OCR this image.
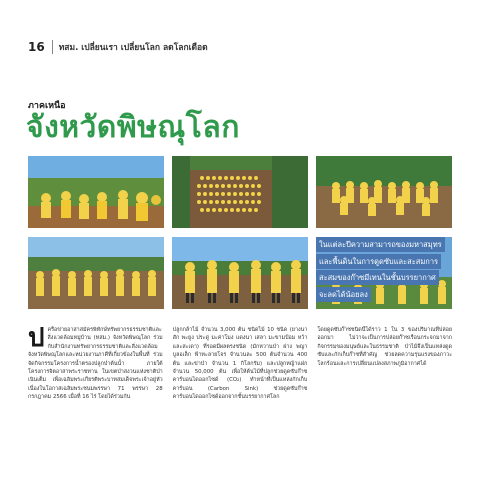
16 ทสม. เปลี่ยนเรา เปลี่ยนโลก ลดโลกเดือด
ภาคเหนือ
จังหวัดพิษณุโลก
ในแต่ละปีความสามารถของมหาสมุทร
และพื้นดินในการดูดซับและสะสมการ
สะสมของก๊าซมีเทนในชั้นบรรยากาศ
จะลดได้น้อยลง
ป ครือข่ายอาสาสมัครพิทักษ์ทรัพยากรธรรมชาติและสิ่งแวดล้อมหมู่บ้าน (ทสม.) จังหวัดพิษณุโลก ร่วมกับสำนักงานทรัพยากรธรรมชาติและสิ่งแวดล้อมจังหวัดพิษณุโลกและหน่วยงานภาคีที่เกี่ยวข้องในพื้นที่ ร่วมจัดกิจกรรมโครงการน้ำตรองปลูกป่าต้นน้ำ ภายใต้โครงการจิตอาสาพระราชทาน ในเขตป่าสงวนแห่งชาติป่าเนินเต็ม เพื่อเฉลิมพระเกียรติพระบาทสมเด็จพระเจ้าอยู่หัว เนื่องในโอกาสเฉลิมพระชนมพรรษา 71 พรรษา 28 กรกฎาคม 2566 เมื่อที่ 16 ไร่ โดยได้ร่วมกัน

ปลูกกล้าไม้ จำนวน 3,000 ต้น ชนิดไม้ 10 ชนิด (ยางนา สัก พะยูง ประดู่ มะค่าโมง แดงนา เสลา มะขามป้อม หว้า และสะเดา) ที่รอดมีผลตรงชนิด (มักหวานป่า ฝาง พญาบูลอเล็ก ฟ้าทะลายโจร จำนวนละ 500 ต้นจำนวน 400 ต้น และข่าป่า จำนวน 1 กิโลกรัม) และปลูกหญ้าแฝก จำนวน 50,000 ต้น เพื่อให้ต้นไม้ที่ปลูกช่วยดูดซับก๊าซคาร์บอนไดออกไซด์ (CO₂) ทำหน้าที่เป็นแหล่งกักเก็บคาร์บอน (Carbon Sink) ช่วยดูดซับก๊าซคาร์บอนไดออกไซด์ออกจากชั้นบรรยากาศโลก

โดยดูดซับก๊าซชนิดนี้ได้ราว 1 ใน 3 ของปริมาณที่ปล่อยออกมา ไม่ว่าจะเป็นการปล่อยก๊าซเรือนกระจกมาจากกิจกรรมของมนุษย์และในธรรมชาติ ป่าไม้จึงเป็นแหล่งดูดซับและกักเก็บก๊าซที่สำคัญ ช่วยลดความรุนแรงของภาวะโลกร้อนและการเปลี่ยนแปลงสภาพภูมิอากาศได้
